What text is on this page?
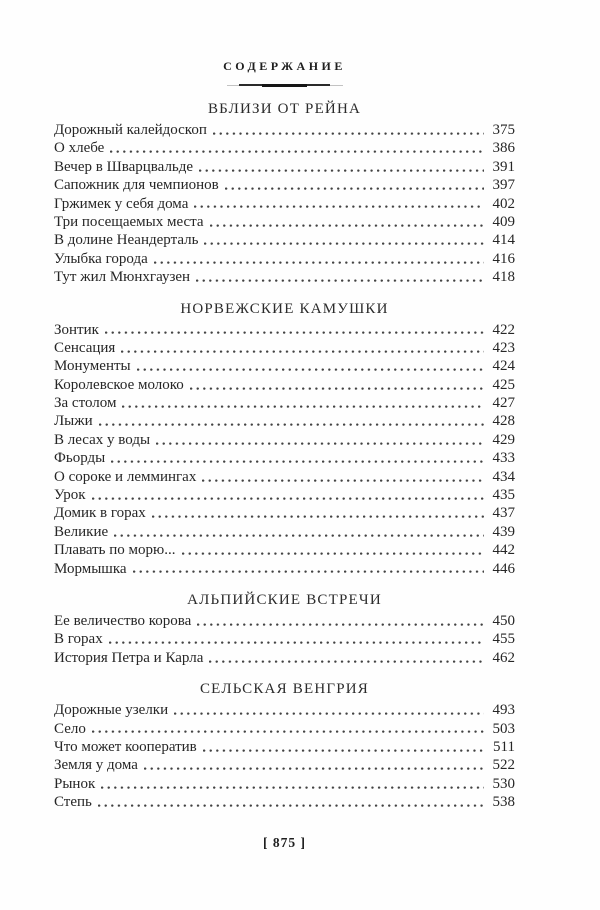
СОДЕРЖАНИЕ
ВБЛИЗИ ОТ РЕЙНА
Дорожный калейдоскоп	375
О хлебе	386
Вечер в Шварцвальде	391
Сапожник для чемпионов	397
Гржимек у себя дома	402
Три посещаемых места	409
В долине Неандерталь	414
Улыбка города	416
Тут жил Мюнхгаузен	418
НОРВЕЖСКИЕ КАМУШКИ
Зонтик	422
Сенсация	423
Монументы	424
Королевское молоко	425
За столом	427
Лыжи	428
В лесах у воды	429
Фьорды	433
О сороке и леммингах	434
Урок	435
Домик в горах	437
Великие	439
Плавать по морю...	442
Мормышка	446
АЛЬПИЙСКИЕ ВСТРЕЧИ
Ее величество корова	450
В горах	455
История Петра и Карла	462
СЕЛЬСКАЯ ВЕНГРИЯ
Дорожные узелки	493
Село	503
Что может кооператив	511
Земля у дома	522
Рынок	530
Степь	538
[ 875 ]
